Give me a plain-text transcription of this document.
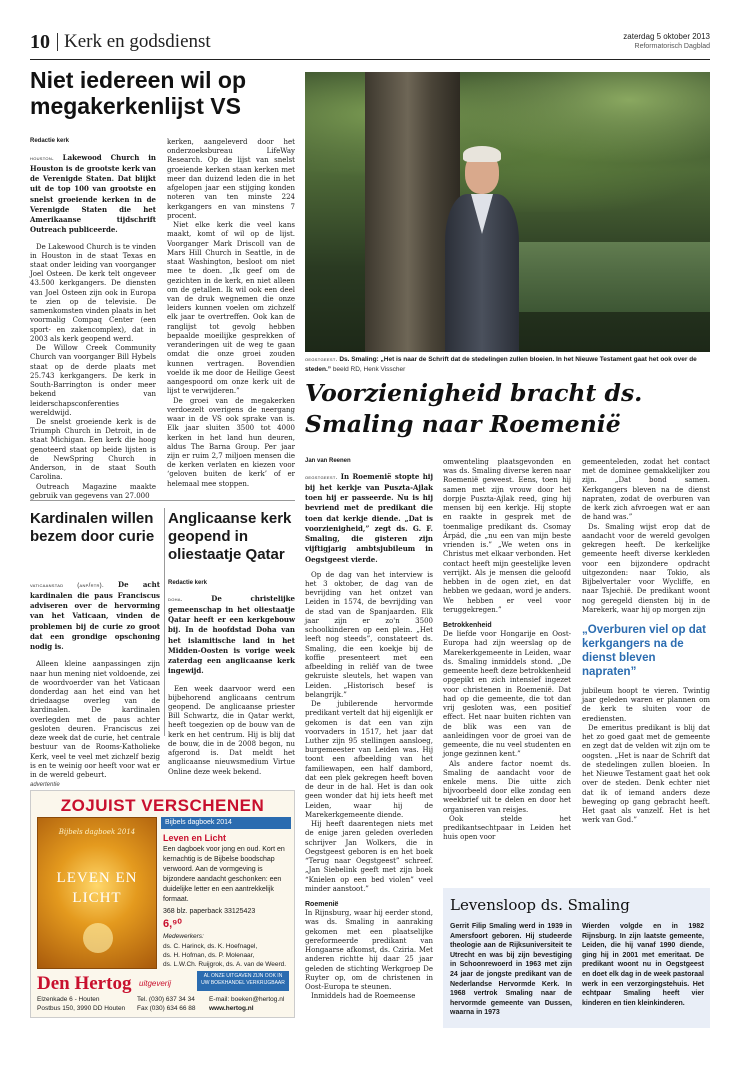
10 Kerk en godsdienst	zaterdag 5 oktober 2013
Reformatorisch Dagblad
Niet iedereen wil op megakerkenlijst VS
Redactie kerk

houston. Lakewood Church in Houston is de grootste kerk van de Verenigde Staten. Dat blijkt uit de top 100 van grootste en snelst groeiende kerken in de Verenigde Staten die het Amerikaanse tijdschrift Outreach publiceerde.

De Lakewood Church is te vinden in Houston in de staat Texas en staat onder leiding van voorganger Joel Osteen. De kerk telt ongeveer 43.500 kerkgangers. De diensten van Joel Osteen zijn ook in Europa te zien op de televisie. De samenkomsten vinden plaats in het voormalig Compaq Center (een sport- en zakencomplex), dat in 2003 als kerk geopend werd.

De Willow Creek Community Church van voorganger Bill Hybels staat op de derde plaats met 25.743 kerkgangers. De kerk in South-Barrington is onder meer bekend van leiderschapsconferenties wereldwijd.

De snelst groeiende kerk is de Triumph Church in Detroit, in de staat Michigan. Een kerk die hoog genoteerd staat op beide lijsten is de NewSpring Church in Anderson, in de staat South Carolina.

Outreach Magazine maakte gebruik van gegevens van 27.000

kerken, aangeleverd door het onderzoeksbureau LifeWay Research. Op de lijst van snelst groeiende kerken staan kerken met meer dan duizend leden die in het afgelopen jaar een stijging konden noteren van ten minste 224 kerkgangers en van minstens 7 procent.

Niet elke kerk die veel kans maakt, komt of wil op de lijst. Voorganger Mark Driscoll van de Mars Hill Church in Seattle, in de staat Washington, besloot om niet mee te doen. „Ik geef om de gezichten in de kerk, en niet alleen om de getallen. Ik wil ook een deel van de druk wegnemen die onze leiders kunnen voelen om zichzelf elk jaar te overtreffen. Ook kan de ranglijst tot gevolg hebben bepaalde moeilijke gesprekken of veranderingen uit de weg te gaan omdat die onze groei zouden kunnen vertragen. Bovendien voelde ik me door de Heilige Geest aangespoord om onze kerk uit de lijst te verwijderen.”

De groei van de megakerken verdoezelt overigens de neergang waar in de VS ook sprake van is. Elk jaar sluiten 3500 tot 4000 kerken in het land hun deuren, aldus The Barna Group. Per jaar zijn er ruim 2,7 miljoen mensen die de kerken verlaten en kiezen voor ‘geloven buiten de kerk’ of er helemaal mee stoppen.

Kardinalen willen bezem door curie

vaticaanstad (anp/rtr). De acht kardinalen die paus Franciscus adviseren over de hervorming van het Vaticaan, vinden de problemen bij de curie zo groot dat een grondige opschoning nodig is.

Alleen kleine aanpassingen zijn naar hun mening niet voldoende, zei de woordvoerder van het Vaticaan donderdag aan het eind van het driedaagse overleg van de kardinalen. De kardinalen overlegden met de paus achter gesloten deuren. Franciscus zei deze week dat de curie, het centrale bestuur van de Rooms-Katholieke Kerk, veel te veel met zichzelf bezig is en te weinig oor heeft voor wat er in de wereld gebeurt.

Anglicaanse kerk geopend in oliestaatje Qatar
Redactie kerk

doha.	De christelijke gemeenschap in het oliestaatje Qatar heeft er een kerkgebouw bij. In de hoofdstad Doha van het islamitische land in het Midden-Oosten is vorige week zaterdag een anglicaanse kerk ingewijd.

Een week daarvoor werd een bijbehorend anglicaans centrum geopend. De anglicaanse priester Bill Schwartz, die in Qatar werkt, heeft toegezien op de bouw van de kerk en het centrum. Hij is blij dat de bouw, die in de 2008 begon, nu afgerond is. Dat meldt het anglicaanse nieuwsmedium Virtue Online deze week bekend.

advertentie
ZOJUIST VERSCHENEN
Bijbels dagboek 2014
Bijbels dagboek 2014
LEVEN EN LICHT
Leven en Licht
Een dagboek voor jong en oud. Kort en kernachtig is de Bijbelse boodschap verwoord. Aan de vormgeving is bijzondere aandacht geschonken: een duidelijke letter en een aantrekkelijk formaat.
368 blz. paperback 33125423
6,⁹⁰
Medewerkers:
ds. C. Harinck, ds. K. Hoefnagel,
ds. H. Hofman, ds. P. Molenaar,
ds. L.W.Ch. Ruijgrok, ds. A. van de Weerd.
Den Hertog uitgeverij
AL ONZE UITGAVEN ZIJN OOK IN UW BOEKHANDEL VERKRIJGBAAR
Elzenkade 6 - Houten
Postbus 150, 3990 DD Houten
Tel. (030) 637 34 34
Fax (030) 634 66 88
E-mail: boeken@hertog.nl
www.hertog.nl
oegstgeest. Ds. Smaling: „Het is naar de Schrift dat de stedelingen zullen bloeien. In het Nieuwe Testament gaat het ook over de steden.” beeld RD, Henk Visscher
Voorzienigheid bracht ds. Smaling naar Roemenië
Jan van Reenen

oegstgeest. In Roemenië stopte hij bij het kerkje van Puszta-Ajlak toen hij er passeerde. Nu is hij bevriend met de predikant die toen dat kerkje diende. „Dat is voorzienigheid,” zegt ds. G. F. Smaling, die gisteren zijn vijftigjarig ambtsjubileum in Oegstgeest vierde.

Op de dag van het interview is het 3 oktober, de dag van de bevrijding van het ontzet van Leiden in 1574, de bevrijding van de stad van de Spanjaarden. Elk jaar zijn er zo'n 3500 schoolkinderen op een plein. „Het leeft nog steeds”, constateert ds. Smaling, die een koekje bij de koffie presenteert met een afbeelding in reliëf van de twee gekruiste sleutels, het wapen van Leiden. „Historisch besef is belangrijk.”

De jubilerende hervormde predikant vertelt dat hij eigenlijk er gekomen is dat een van zijn voorvaders in 1517, het jaar dat Luther zijn 95 stellingen aansloeg, burgemeester van Leiden was. Hij toont een afbeelding van het familiewapen, een half dambord, dat een plek gekregen heeft boven de deur in de hal. Het is dan ook geen wonder dat hij iets heeft met Leiden, waar hij de Marekerkgemeente diende.

Hij heeft daarentegen niets met de enige jaren geleden overleden schrijver Jan Wolkers, die in Oegstgeest geboren is en het boek “Terug naar Oegstgeest” schreef. „Jan Siebelink geeft met zijn boek “Knielen op een bed violen” veel minder aanstoot.”

Roemenië

In Rijnsburg, waar hij eerder stond, was ds. Smaling in aanraking gekomen met een plaatselijke gereformeerde predikant van Hongaarse afkomst, ds. Cziria. Met anderen richtte hij daar 25 jaar geleden de stichting Werkgroep De Ruyter op, om de christenen in Oost-Europa te steunen.

Inmiddels had de Roemeense

omwenteling plaatsgevonden en was ds. Smaling diverse keren naar Roemenië geweest. Eens, toen hij samen met zijn vrouw door het dorpje Puszta-Ajlak reed, ging hij mensen bij een kerkje. Hij stopte en raakte in gesprek met de toenmalige predikant ds. Csomay Árpád, die „nu een van mijn beste vrienden is.” „We weten ons in Christus met elkaar verbonden. Het contact heeft mijn geestelijke leven verrijkt. Als je mensen die geloofd hebben in de ogen ziet, en dat hebben we gedaan, word je anders. We hebben er veel voor teruggekregen.”

Betrokkenheid

De liefde voor Hongarije en Oost-Europa had zijn weerslag op de Marekerkgemeente in Leiden, waar ds. Smaling inmiddels stond. „De gemeente heeft deze betrokkenheid opgepikt en zich intensief ingezet voor christenen in Roemenië. Dat had op die gemeente, die tot dan vrij gesloten was, een positief effect. Het naar buiten richten van de blik was een van de aanleidingen voor de groei van de gemeente, die nu veel studenten en jonge gezinnen kent.”

Als andere factor noemt ds. Smaling de aandacht voor de enkele mens. Die uitte zich bijvoorbeeld door elke zondag een weekbrief uit te delen en door het organiseren van reisjes.

Ook stelde het predikantsechtpaar in Leiden het huis open voor

gemeenteleden, zodat het contact met de dominee gemakkelijker zou zijn. „Dat bond samen. Kerkgangers bleven na de dienst napraten, zodat de overburen van de kerk zich afvroegen wat er aan de hand was.”

Ds. Smaling wijst erop dat de aandacht voor de wereld gevolgen gekregen heeft. De kerkelijke gemeente heeft diverse kerkleden voor een bijzondere opdracht uitgezonden: naar Tokio, als Bijbelvertaler voor Wycliffe, en naar Tsjechië. De predikant woont nog geregeld diensten bij in de Marekerk, waar hij op morgen zijn

„Overburen viel op dat kerkgangers na de dienst bleven napraten”

jubileum hoopt te vieren. Twintig jaar geleden waren er plannen om de kerk te sluiten voor de erediensten.

De emeritus predikant is blij dat het zo goed gaat met de gemeente en zegt dat de velden wit zijn om te oogsten. „Het is naar de Schrift dat de stedelingen zullen bloeien. In het Nieuwe Testament gaat het ook over de steden. Denk echter niet dat ik of iemand anders deze beweging op gang gebracht heeft. Het gaat als vanzelf. Het is het werk van God.”

Levensloop ds. Smaling
Gerrit Filip Smaling werd in 1939 in Amersfoort geboren. Hij studeerde theologie aan de Rijksuniversiteit te Utrecht en was bij zijn bevestiging in Schoonrewoerd in 1963 met zijn 24 jaar de jongste predikant van de Nederlandse Hervormde Kerk. In 1968 vertrok Smaling naar de hervormde gemeente van Dussen, waarna in 1973
Wierden volgde en in 1982 Rijnsburg. In zijn laatste gemeente, Leiden, die hij vanaf 1990 diende, ging hij in 2001 met emeritaat. De predikant woont nu in Oegstgeest en doet elk dag in de week pastoraal werk in een verzorgingstehuis. Het echtpaar Smaling heeft vier kinderen en tien kleinkinderen.
